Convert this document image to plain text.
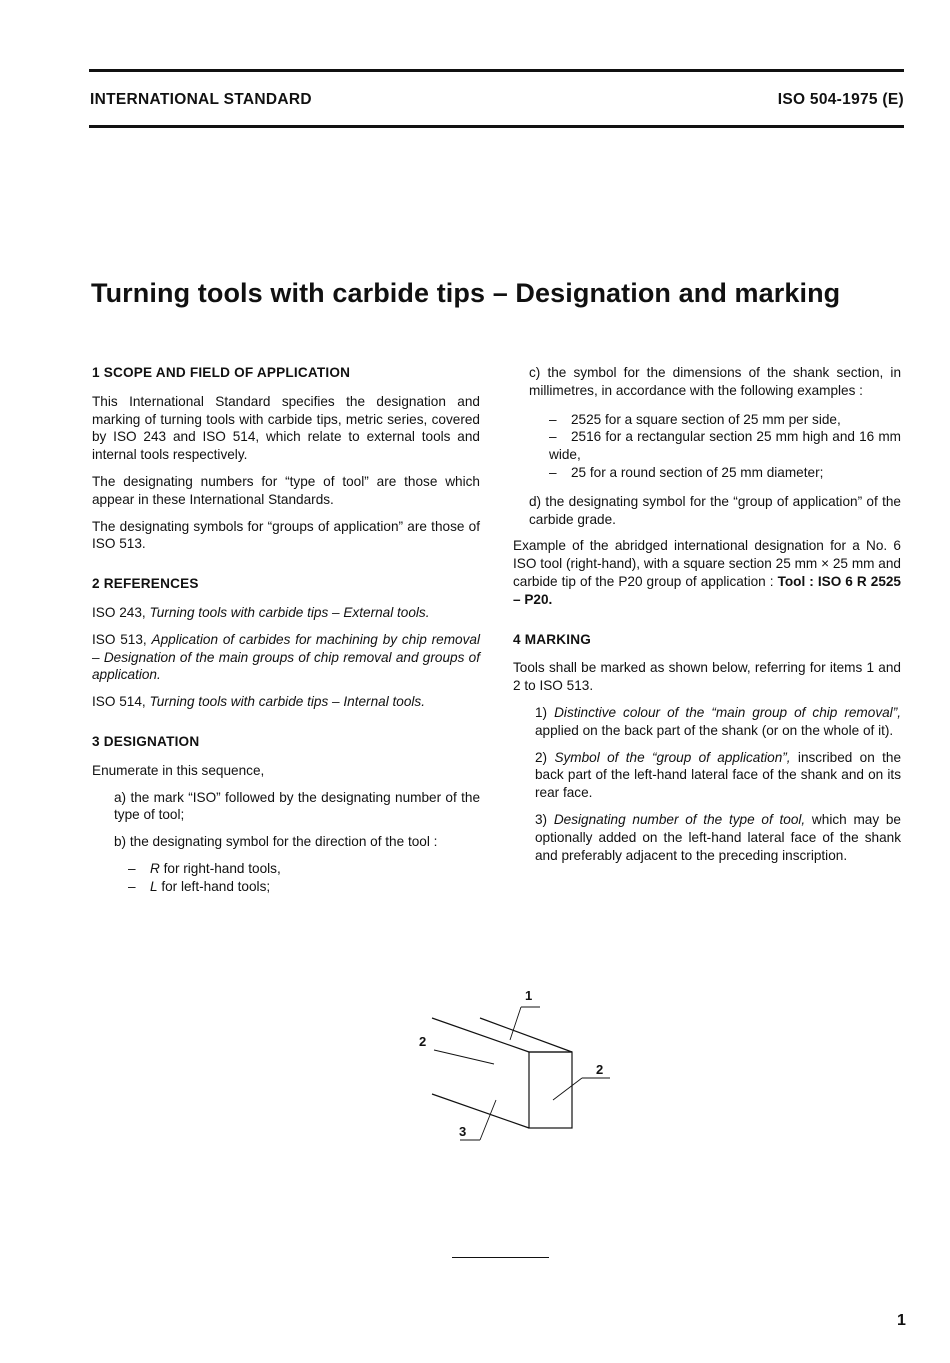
INTERNATIONAL STANDARD	ISO 504-1975 (E)
Turning tools with carbide tips – Designation and marking

1 SCOPE AND FIELD OF APPLICATION

This International Standard specifies the designation and marking of turning tools with carbide tips, metric series, covered by ISO 243 and ISO 514, which relate to external tools and internal tools respectively.

The designating numbers for “type of tool” are those which appear in these International Standards.

The designating symbols for “groups of application” are those of ISO 513.

2 REFERENCES

ISO 243, Turning tools with carbide tips – External tools.

ISO 513, Application of carbides for machining by chip removal – Designation of the main groups of chip removal and groups of application.

ISO 514, Turning tools with carbide tips – Internal tools.

3 DESIGNATION

Enumerate in this sequence,

a) the mark “ISO” followed by the designating number of the type of tool;

b) the designating symbol for the direction of the tool :

– R for right-hand tools,

– L for left-hand tools;

c) the symbol for the dimensions of the shank section, in millimetres, in accordance with the following examples :

– 2525 for a square section of 25 mm per side,

– 2516 for a rectangular section 25 mm high and 16 mm wide,

– 25 for a round section of 25 mm diameter;

d) the designating symbol for the “group of application” of the carbide grade.

Example of the abridged international designation for a No. 6 ISO tool (right-hand), with a square section 25 mm × 25 mm and carbide tip of the P20 group of application : Tool : ISO 6 R 2525 – P20.

4 MARKING

Tools shall be marked as shown below, referring for items 1 and 2 to ISO 513.

1) Distinctive colour of the “main group of chip removal”, applied on the back part of the shank (or on the whole of it).

2) Symbol of the “group of application”, inscribed on the back part of the left-hand lateral face of the shank and on its rear face.

3) Designating number of the type of tool, which may be optionally added on the left-hand lateral face of the shank and preferably adjacent to the preceding inscription.

1
2
2
3
1
